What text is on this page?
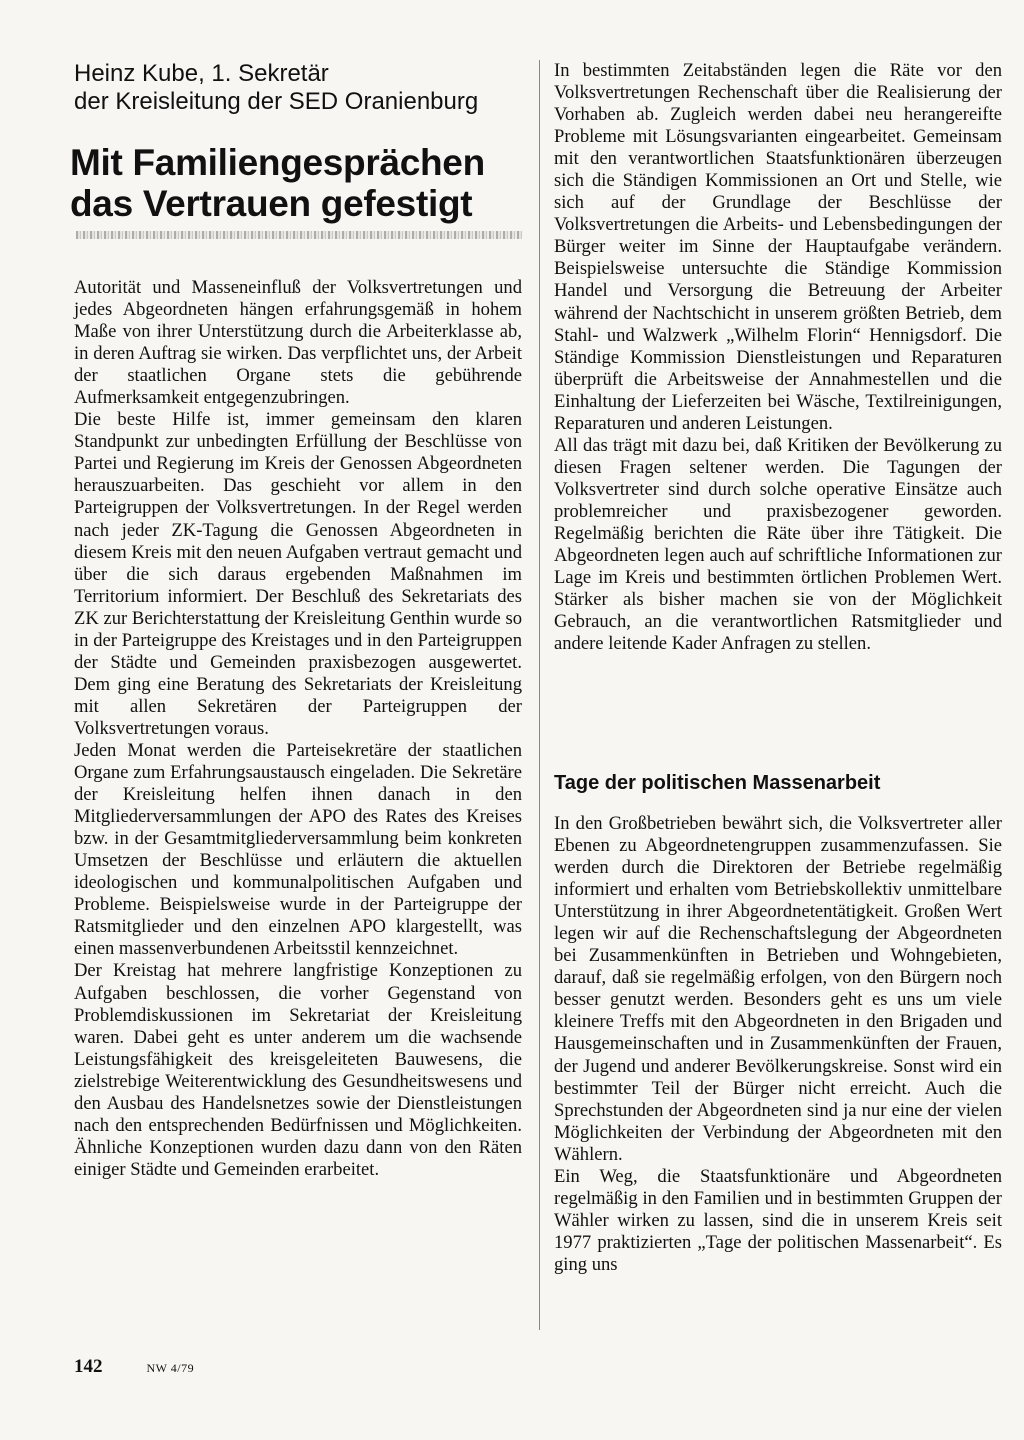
Heinz Kube, 1. Sekretär
der Kreisleitung der SED Oranienburg
Mit Familiengesprächen
das Vertrauen gefestigt

Autorität und Masseneinfluß der Volksvertretungen und jedes Abgeordneten hängen erfahrungsgemäß in hohem Maße von ihrer Unterstützung durch die Arbeiterklasse ab, in deren Auftrag sie wirken. Das verpflichtet uns, der Arbeit der staatlichen Organe stets die gebührende Aufmerksamkeit entgegenzubringen.

Die beste Hilfe ist, immer gemeinsam den klaren Standpunkt zur unbedingten Erfüllung der Beschlüsse von Partei und Regierung im Kreis der Genossen Abgeordneten herauszuarbeiten. Das geschieht vor allem in den Parteigruppen der Volksvertretungen. In der Regel werden nach jeder ZK-Tagung die Genossen Abgeordneten in diesem Kreis mit den neuen Aufgaben vertraut gemacht und über die sich daraus ergebenden Maßnahmen im Territorium informiert. Der Beschluß des Sekretariats des ZK zur Berichterstattung der Kreisleitung Genthin wurde so in der Parteigruppe des Kreistages und in den Parteigruppen der Städte und Gemeinden praxisbezogen ausgewertet. Dem ging eine Beratung des Sekretariats der Kreisleitung mit allen Sekretären der Parteigruppen der Volksvertretungen voraus.

Jeden Monat werden die Parteisekretäre der staatlichen Organe zum Erfahrungsaustausch eingeladen. Die Sekretäre der Kreisleitung helfen ihnen danach in den Mitgliederversammlungen der APO des Rates des Kreises bzw. in der Gesamtmitgliederversammlung beim konkreten Umsetzen der Beschlüsse und erläutern die aktuellen ideologischen und kommunalpolitischen Aufgaben und Probleme. Beispielsweise wurde in der Parteigruppe der Ratsmitglieder und den einzelnen APO klargestellt, was einen massenverbundenen Arbeitsstil kennzeichnet.

Der Kreistag hat mehrere langfristige Konzeptionen zu Aufgaben beschlossen, die vorher Gegenstand von Problemdiskussionen im Sekretariat der Kreisleitung waren. Dabei geht es unter anderem um die wachsende Leistungsfähigkeit des kreisgeleiteten Bauwesens, die zielstrebige Weiterentwicklung des Gesundheitswesens und den Ausbau des Handelsnetzes sowie der Dienstleistungen nach den entsprechenden Bedürfnissen und Möglichkeiten. Ähnliche Konzeptionen wurden dazu dann von den Räten einiger Städte und Gemeinden erarbeitet.

In bestimmten Zeitabständen legen die Räte vor den Volksvertretungen Rechenschaft über die Realisierung der Vorhaben ab. Zugleich werden dabei neu herangereifte Probleme mit Lösungsvarianten eingearbeitet. Gemeinsam mit den verantwortlichen Staatsfunktionären überzeugen sich die Ständigen Kommissionen an Ort und Stelle, wie sich auf der Grundlage der Beschlüsse der Volksvertretungen die Arbeits- und Lebensbedingungen der Bürger weiter im Sinne der Hauptaufgabe verändern. Beispielsweise untersuchte die Ständige Kommission Handel und Versorgung die Betreuung der Arbeiter während der Nachtschicht in unserem größten Betrieb, dem Stahl- und Walzwerk „Wilhelm Florin“ Hennigsdorf. Die Ständige Kommission Dienstleistungen und Reparaturen überprüft die Arbeitsweise der Annahmestellen und die Einhaltung der Lieferzeiten bei Wäsche, Textilreinigungen, Reparaturen und anderen Leistungen.

All das trägt mit dazu bei, daß Kritiken der Bevölkerung zu diesen Fragen seltener werden. Die Tagungen der Volksvertreter sind durch solche operative Einsätze auch problemreicher und praxisbezogener geworden. Regelmäßig berichten die Räte über ihre Tätigkeit. Die Abgeordneten legen auch auf schriftliche Informationen zur Lage im Kreis und bestimmten örtlichen Problemen Wert. Stärker als bisher machen sie von der Möglichkeit Gebrauch, an die verantwortlichen Ratsmitglieder und andere leitende Kader Anfragen zu stellen.

Tage der politischen Massenarbeit

In den Großbetrieben bewährt sich, die Volksvertreter aller Ebenen zu Abgeordnetengruppen zusammenzufassen. Sie werden durch die Direktoren der Betriebe regelmäßig informiert und erhalten vom Betriebskollektiv unmittelbare Unterstützung in ihrer Abgeordnetentätigkeit. Großen Wert legen wir auf die Rechenschaftslegung der Abgeordneten bei Zusammenkünften in Betrieben und Wohngebieten, darauf, daß sie regelmäßig erfolgen, von den Bürgern noch besser genutzt werden. Besonders geht es uns um viele kleinere Treffs mit den Abgeordneten in den Brigaden und Hausgemeinschaften und in Zusammenkünften der Frauen, der Jugend und anderer Bevölkerungskreise. Sonst wird ein bestimmter Teil der Bürger nicht erreicht. Auch die Sprechstunden der Abgeordneten sind ja nur eine der vielen Möglichkeiten der Verbindung der Abgeordneten mit den Wählern.

Ein Weg, die Staatsfunktionäre und Abgeordneten regelmäßig in den Familien und in bestimmten Gruppen der Wähler wirken zu lassen, sind die in unserem Kreis seit 1977 praktizierten „Tage der politischen Massenarbeit“. Es ging uns

142	NW 4/79
